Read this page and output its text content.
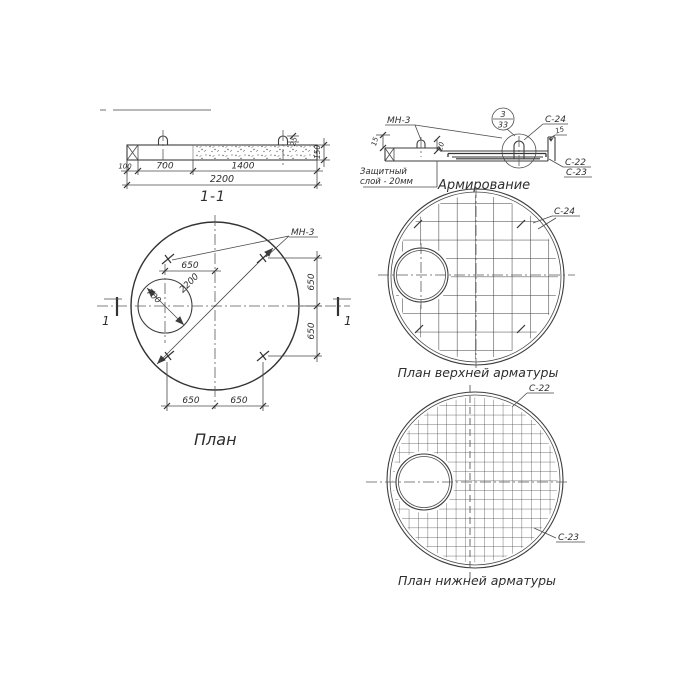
25
150
100	700	1400
2200
1-1
МН-3
15	20
15
3
33	С-24
С-22
С-23
Защитный
слой - 20мм Армирование
2200
МН-3
700
650
650
650
650	650
1	1
План
С-24
План верхней арматуры
С-22
С-23
План нижней арматуры
